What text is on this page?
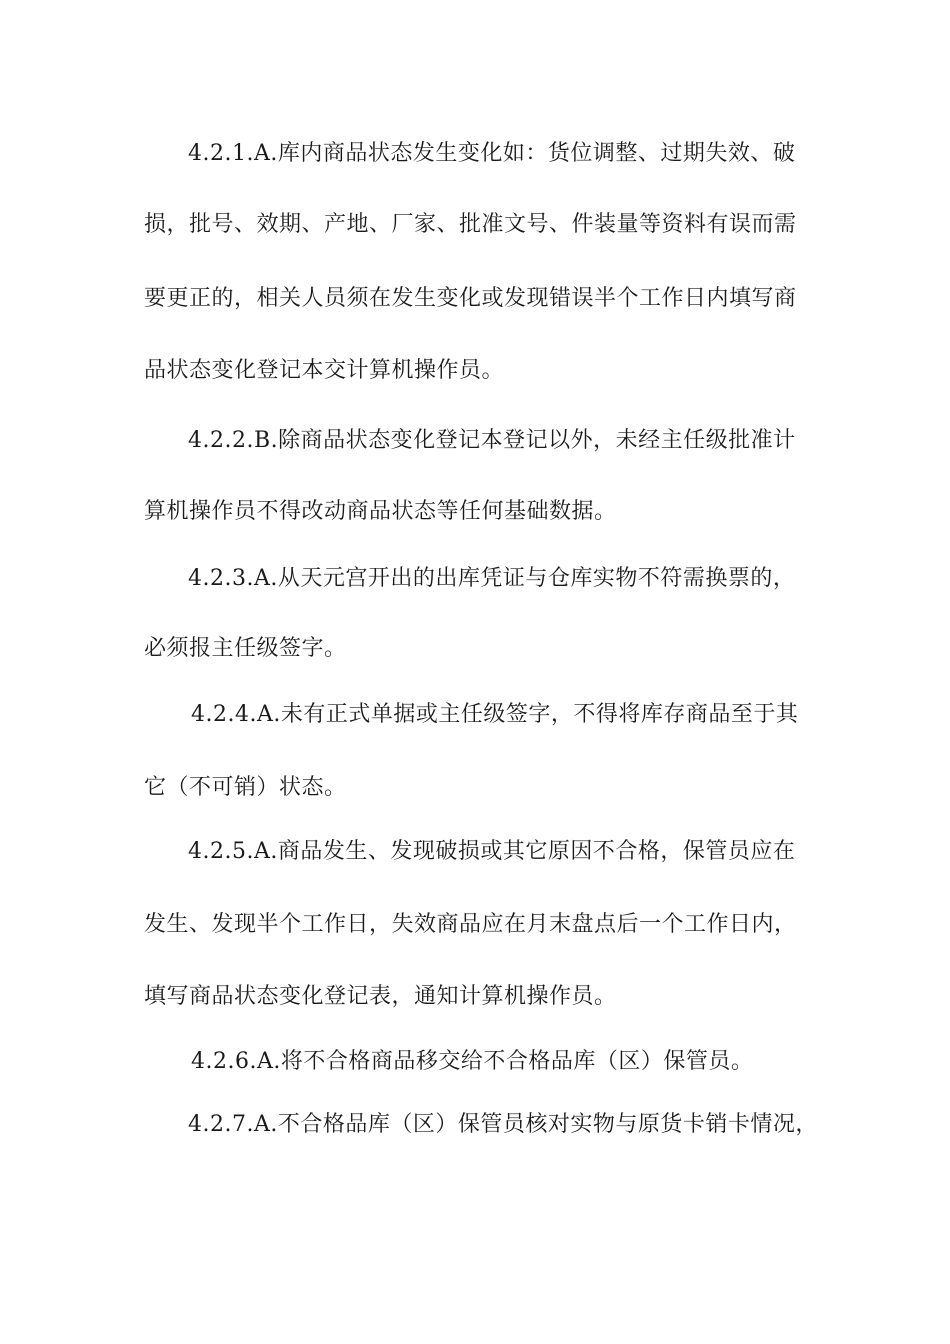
4.2.1.A.库内商品状态发生变化如：货位调整、过期失效、破
损，批号、效期、产地、厂家、批准文号、件装量等资料有误而需
要更正的，相关人员须在发生变化或发现错误半个工作日内填写商
品状态变化登记本交计算机操作员。
4.2.2.B.除商品状态变化登记本登记以外，未经主任级批准计
算机操作员不得改动商品状态等任何基础数据。
4.2.3.A.从天元宫开出的出库凭证与仓库实物不符需换票的，
必须报主任级签字。
4.2.4.A.未有正式单据或主任级签字，不得将库存商品至于其
它（不可销）状态。
4.2.5.A.商品发生、发现破损或其它原因不合格，保管员应在
发生、发现半个工作日，失效商品应在月末盘点后一个工作日内，
填写商品状态变化登记表，通知计算机操作员。
4.2.6.A.将不合格商品移交给不合格品库（区）保管员。
4.2.7.A.不合格品库（区）保管员核对实物与原货卡销卡情况，
